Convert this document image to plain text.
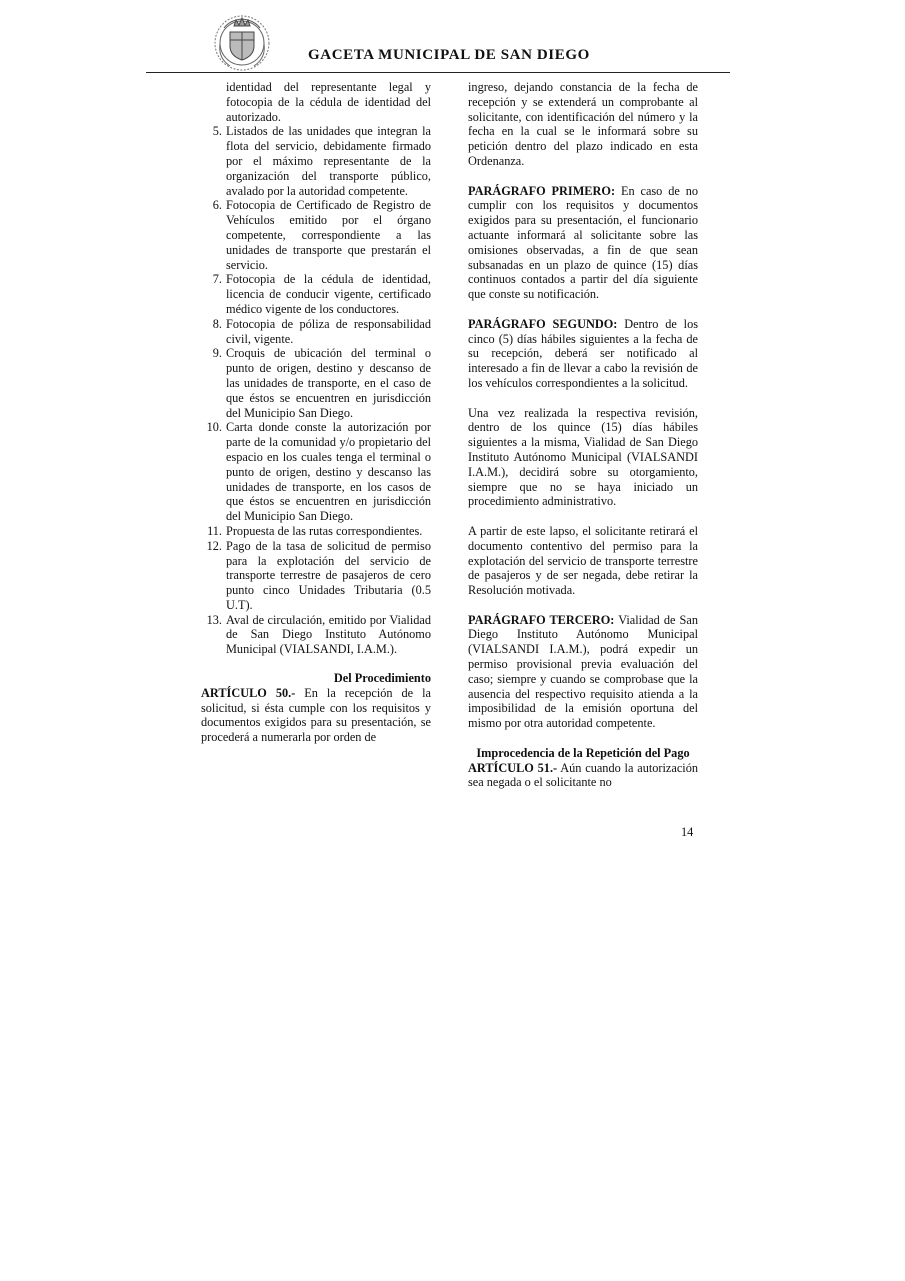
GACETA MUNICIPAL DE SAN DIEGO
identidad del representante legal y fotocopia de la cédula de identidad del autorizado.
5. Listados de las unidades que integran la flota del servicio, debidamente firmado por el máximo representante de la organización del transporte público, avalado por la autoridad competente.
6. Fotocopia de Certificado de Registro de Vehículos emitido por el órgano competente, correspondiente a las unidades de transporte que prestarán el servicio.
7. Fotocopia de la cédula de identidad, licencia de conducir vigente, certificado médico vigente de los conductores.
8. Fotocopia de póliza de responsabilidad civil, vigente.
9. Croquis de ubicación del terminal o punto de origen, destino y descanso de las unidades de transporte, en el caso de que éstos se encuentren en jurisdicción del Municipio San Diego.
10. Carta donde conste la autorización por parte de la comunidad y/o propietario del espacio en los cuales tenga el terminal o punto de origen, destino y descanso las unidades de transporte, en los casos de que éstos se encuentren en jurisdicción del Municipio San Diego.
11. Propuesta de las rutas correspondientes.
12. Pago de la tasa de solicitud de permiso para la explotación del servicio de transporte terrestre de pasajeros de cero punto cinco Unidades Tributaria (0.5 U.T).
13. Aval de circulación, emitido por Vialidad de San Diego Instituto Autónomo Municipal (VIALSANDI, I.A.M.).
Del Procedimiento

ARTÍCULO 50.- En la recepción de la solicitud, si ésta cumple con los requisitos y documentos exigidos para su presentación, se procederá a numerarla por orden de

ingreso, dejando constancia de la fecha de recepción y se extenderá un comprobante al solicitante, con identificación del número y la fecha en la cual se le informará sobre su petición dentro del plazo indicado en esta Ordenanza.

PARÁGRAFO PRIMERO: En caso de no cumplir con los requisitos y documentos exigidos para su presentación, el funcionario actuante informará al solicitante sobre las omisiones observadas, a fin de que sean subsanadas en un plazo de quince (15) días continuos contados a partir del día siguiente que conste su notificación.

PARÁGRAFO SEGUNDO: Dentro de los cinco (5) días hábiles siguientes a la fecha de su recepción, deberá ser notificado al interesado a fin de llevar a cabo la revisión de los vehículos correspondientes a la solicitud.

Una vez realizada la respectiva revisión, dentro de los quince (15) días hábiles siguientes a la misma, Vialidad de San Diego Instituto Autónomo Municipal (VIALSANDI I.A.M.), decidirá sobre su otorgamiento, siempre que no se haya iniciado un procedimiento administrativo.

A partir de este lapso, el solicitante retirará el documento contentivo del permiso para la explotación del servicio de transporte terrestre de pasajeros y de ser negada, debe retirar la Resolución motivada.

PARÁGRAFO TERCERO: Vialidad de San Diego Instituto Autónomo Municipal (VIALSANDI I.A.M.), podrá expedir un permiso provisional previa evaluación del caso; siempre y cuando se comprobase que la ausencia del respectivo requisito atienda a la imposibilidad de la emisión oportuna del mismo por otra autoridad competente.

Improcedencia de la Repetición del Pago

ARTÍCULO 51.- Aún cuando la autorización sea negada o el solicitante no

14
